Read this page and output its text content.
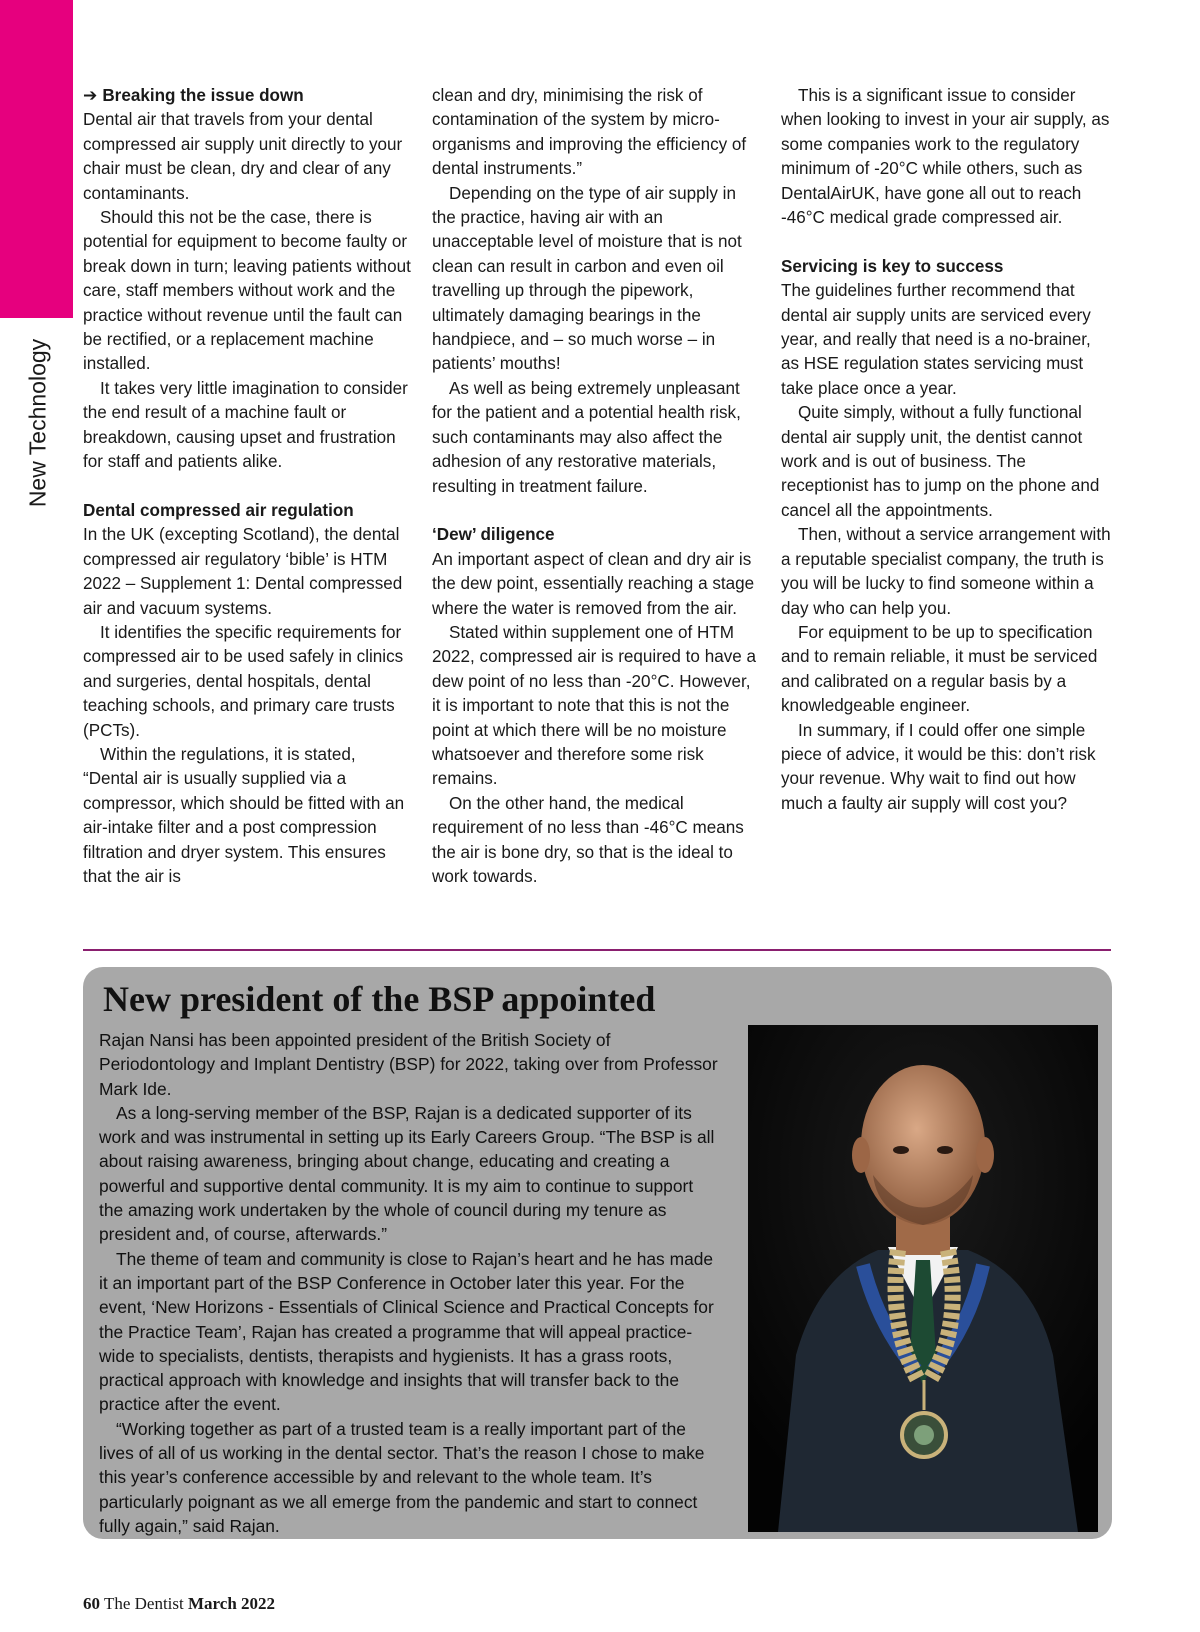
New Technology
➔ Breaking the issue down

Dental air that travels from your dental compressed air supply unit directly to your chair must be clean, dry and clear of any contaminants.

Should this not be the case, there is potential for equipment to become faulty or break down in turn; leaving patients without care, staff members without work and the practice without revenue until the fault can be rectified, or a replacement machine installed.

It takes very little imagination to consider the end result of a machine fault or breakdown, causing upset and frustration for staff and patients alike.

Dental compressed air regulation

In the UK (excepting Scotland), the dental compressed air regulatory ‘bible’ is HTM 2022 – Supplement 1: Dental compressed air and vacuum systems.

It identifies the specific requirements for compressed air to be used safely in clinics and surgeries, dental hospitals, dental teaching schools, and primary care trusts (PCTs).

Within the regulations, it is stated, “Dental air is usually supplied via a compressor, which should be fitted with an air-intake filter and a post compression filtration and dryer system. This ensures that the air is

clean and dry, minimising the risk of contamination of the system by micro-organisms and improving the efficiency of dental instruments.”

Depending on the type of air supply in the practice, having air with an unacceptable level of moisture that is not clean can result in carbon and even oil travelling up through the pipework, ultimately damaging bearings in the handpiece, and – so much worse – in patients’ mouths!

As well as being extremely unpleasant for the patient and a potential health risk, such contaminants may also affect the adhesion of any restorative materials, resulting in treatment failure.

‘Dew’ diligence

An important aspect of clean and dry air is the dew point, essentially reaching a stage where the water is removed from the air.

Stated within supplement one of HTM 2022, compressed air is required to have a dew point of no less than -20°C. However, it is important to note that this is not the point at which there will be no moisture whatsoever and therefore some risk remains.

On the other hand, the medical requirement of no less than -46°C means the air is bone dry, so that is the ideal to work towards.

This is a significant issue to consider when looking to invest in your air supply, as some companies work to the regulatory minimum of -20°C while others, such as DentalAirUK, have gone all out to reach -46°C medical grade compressed air.

Servicing is key to success

The guidelines further recommend that dental air supply units are serviced every year, and really that need is a no-brainer, as HSE regulation states servicing must take place once a year.

Quite simply, without a fully functional dental air supply unit, the dentist cannot work and is out of business. The receptionist has to jump on the phone and cancel all the appointments.

Then, without a service arrangement with a reputable specialist company, the truth is you will be lucky to find someone within a day who can help you.

For equipment to be up to specification and to remain reliable, it must be serviced and calibrated on a regular basis by a knowledgeable engineer.

In summary, if I could offer one simple piece of advice, it would be this: don’t risk your revenue. Why wait to find out how much a faulty air supply will cost you?

New president of the BSP appointed

Rajan Nansi has been appointed president of the British Society of Periodontology and Implant Dentistry (BSP) for 2022, taking over from Professor Mark Ide.

As a long-serving member of the BSP, Rajan is a dedicated supporter of its work and was instrumental in setting up its Early Careers Group. “The BSP is all about raising awareness, bringing about change, educating and creating a powerful and supportive dental community. It is my aim to continue to support the amazing work undertaken by the whole of council during my tenure as president and, of course, afterwards.”

The theme of team and community is close to Rajan’s heart and he has made it an important part of the BSP Conference in October later this year. For the event, ‘New Horizons - Essentials of Clinical Science and Practical Concepts for the Practice Team’, Rajan has created a programme that will appeal practice-wide to specialists, dentists, therapists and hygienists. It has a grass roots, practical approach with knowledge and insights that will transfer back to the practice after the event.

“Working together as part of a trusted team is a really important part of the lives of all of us working in the dental sector. That’s the reason I chose to make this year’s conference accessible by and relevant to the whole team. It’s particularly poignant as we all emerge from the pandemic and start to connect fully again,” said Rajan.

60 The Dentist March 2022
